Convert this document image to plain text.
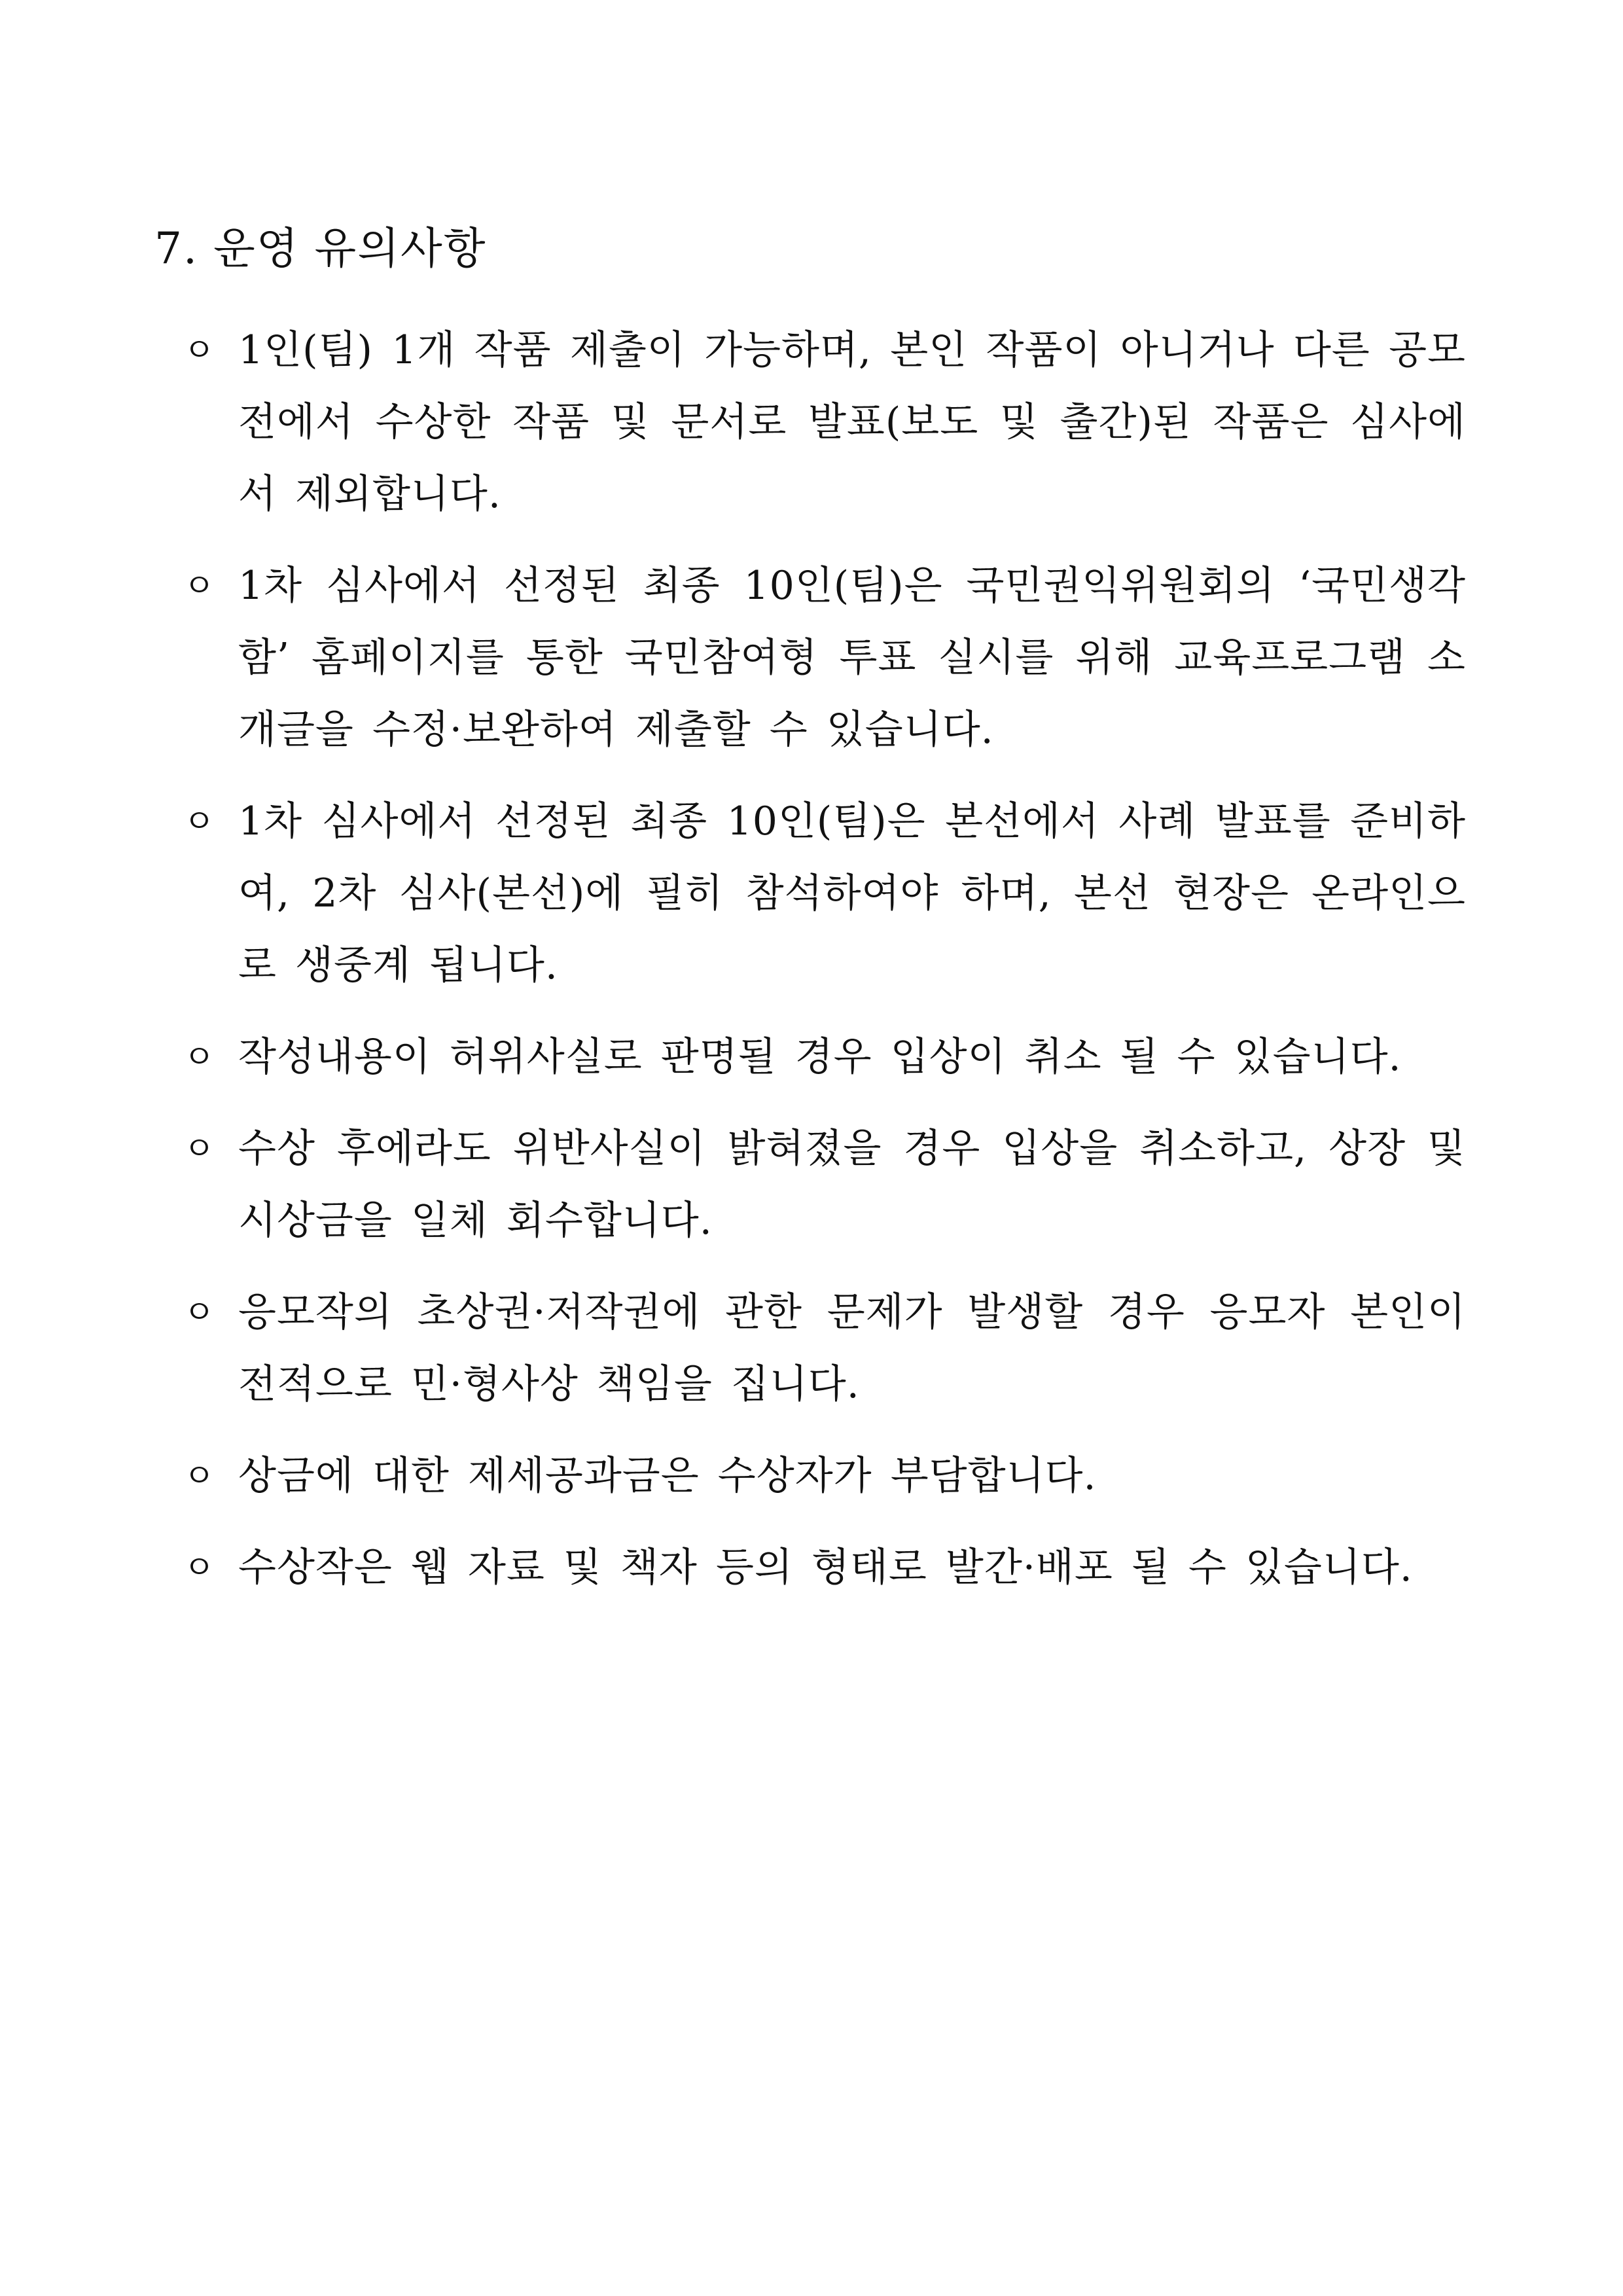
7. 운영 유의사항
ㅇ 1인(팀) 1개 작품 제출이 가능하며, 본인 작품이 아니거나 다른 공모전에서 수상한 작품 및 문서로 발표(보도 및 출간)된 작품은 심사에서 제외합니다.
ㅇ 1차 심사에서 선정된 최종 10인(팀)은 국민권익위원회의 ‘국민생각함’ 홈페이지를 통한 국민참여형 투표 실시를 위해 교육프로그램 소개글을 수정·보완하여 제출할 수 있습니다.
ㅇ 1차 심사에서 선정된 최종 10인(팀)은 본선에서 사례 발표를 준비하여, 2차 심사(본선)에 필히 참석하여야 하며, 본선 현장은 온라인으로 생중계 됩니다.
ㅇ 작성내용이 허위사실로 판명될 경우 입상이 취소 될 수 있습니다.
ㅇ 수상 후에라도 위반사실이 밝혀졌을 경우 입상을 취소하고, 상장 및 시상금을 일체 회수합니다.
ㅇ 응모작의 초상권·저작권에 관한 문제가 발생할 경우 응모자 본인이 전적으로 민·형사상 책임을 집니다.
ㅇ 상금에 대한 제세공과금은 수상자가 부담합니다.
ㅇ 수상작은 웹 자료 및 책자 등의 형태로 발간·배포 될 수 있습니다.
